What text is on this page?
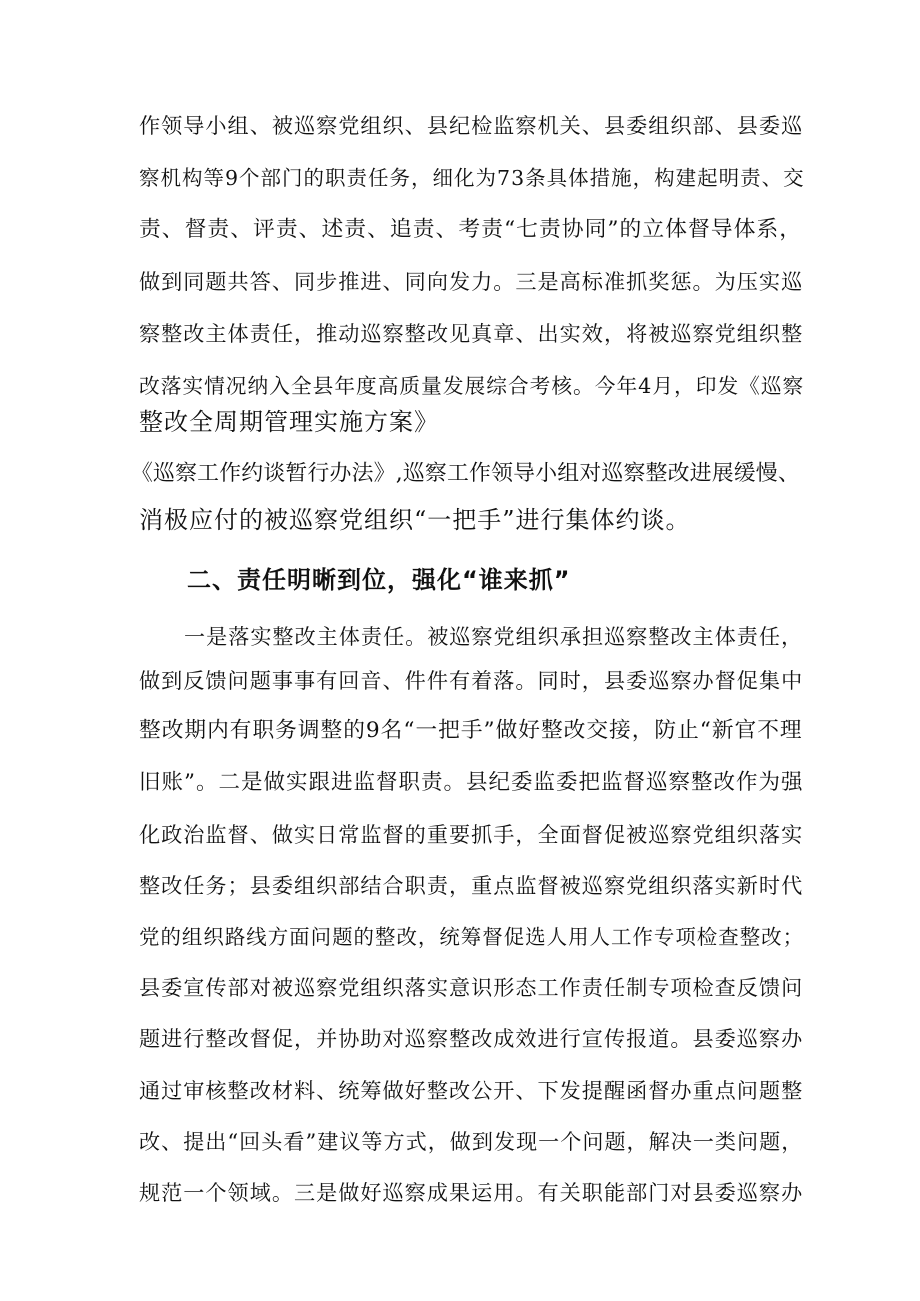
作领导小组、被巡察党组织、县纪检监察机关、县委组织部、县委巡
察机构等9个部门的职责任务，细化为73条具体措施，构建起明责、交
责、督责、评责、述责、追责、考责“七责协同”的立体督导体系，
做到同题共答、同步推进、同向发力。三是高标准抓奖惩。为压实巡
察整改主体责任，推动巡察整改见真章、出实效，将被巡察党组织整
改落实情况纳入全县年度高质量发展综合考核。今年4月，印发《巡察
整改全周期管理实施方案》
《巡察工作约谈暂行办法》,巡察工作领导小组对巡察整改进展缓慢、
消极应付的被巡察党组织“一把手”进行集体约谈。
二、责任明晰到位，强化“谁来抓”
一是落实整改主体责任。被巡察党组织承担巡察整改主体责任，
做到反馈问题事事有回音、件件有着落。同时，县委巡察办督促集中
整改期内有职务调整的9名“一把手”做好整改交接，防止“新官不理
旧账”。二是做实跟进监督职责。县纪委监委把监督巡察整改作为强
化政治监督、做实日常监督的重要抓手，全面督促被巡察党组织落实
整改任务；县委组织部结合职责，重点监督被巡察党组织落实新时代
党的组织路线方面问题的整改，统筹督促选人用人工作专项检查整改；
县委宣传部对被巡察党组织落实意识形态工作责任制专项检查反馈问
题进行整改督促，并协助对巡察整改成效进行宣传报道。县委巡察办
通过审核整改材料、统筹做好整改公开、下发提醒函督办重点问题整
改、提出“回头看”建议等方式，做到发现一个问题，解决一类问题，
规范一个领域。三是做好巡察成果运用。有关职能部门对县委巡察办
